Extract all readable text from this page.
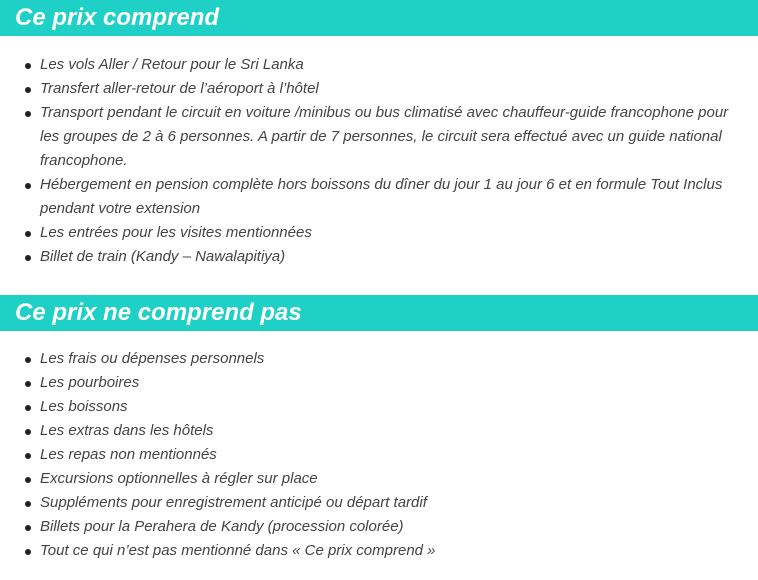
Ce prix comprend
Les vols Aller / Retour pour le Sri Lanka
Transfert aller-retour de l’aéroport à l’hôtel
Transport pendant le circuit en voiture /minibus ou bus climatisé avec chauffeur-guide francophone pour les groupes de 2 à 6 personnes. A partir de 7 personnes, le circuit sera effectué avec un guide national francophone.
Hébergement en pension complète hors boissons du dîner du jour 1 au jour 6 et en formule Tout Inclus pendant votre extension
Les entrées pour les visites mentionnées
Billet de train (Kandy – Nawalapitiya)
Ce prix ne comprend pas
Les frais ou dépenses personnels
Les pourboires
Les boissons
Les extras dans les hôtels
Les repas non mentionnés
Excursions optionnelles à régler sur place
Suppléments pour enregistrement anticipé ou départ tardif
Billets pour la Perahera de Kandy (procession colorée)
Tout ce qui n’est pas mentionné dans « Ce prix comprend »
